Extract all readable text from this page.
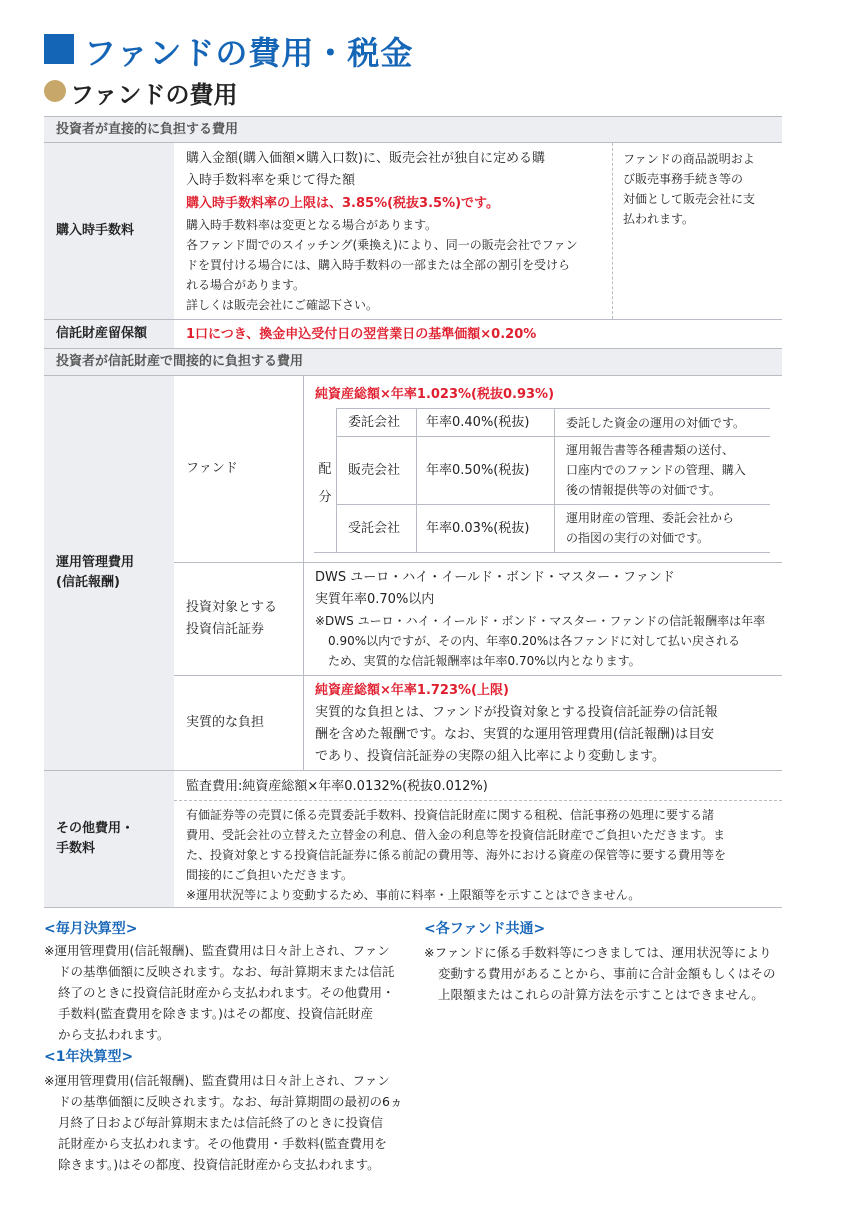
ファンドの費用・税金
ファンドの費用
投資者が直接的に負担する費用
購入時手数料
購入金額(購入価額×購入口数)に、販売会社が独自に定める購
入時手数料率を乗じて得た額
購入時手数料率の上限は、3.85%(税抜3.5%)です。
購入時手数料率は変更となる場合があります。
各ファンド間でのスイッチング(乗換え)により、同一の販売会社でファン
ドを買付ける場合には、購入時手数料の一部または全部の割引を受けら
れる場合があります。
詳しくは販売会社にご確認下さい。
ファンドの商品説明およ
び販売事務手続き等の
対価として販売会社に支
払われます。
信託財産留保額	1口につき、換金申込受付日の翌営業日の基準価額×0.20%
投資者が信託財産で間接的に負担する費用
運用管理費用
(信託報酬)
ファンド
純資産総額×年率1.023%(税抜0.93%)
配
分
委託会社 年率0.40%(税抜)	委託した資金の運用の対価です。
販売会社 年率0.50%(税抜)
運用報告書等各種書類の送付、
口座内でのファンドの管理、購入
後の情報提供等の対価です。
受託会社 年率0.03%(税抜)
運用財産の管理、委託会社から
の指図の実行の対価です。
投資対象とする
投資信託証券
DWS ユーロ・ハイ・イールド・ボンド・マスター・ファンド
実質年率0.70%以内
※DWS ユーロ・ハイ・イールド・ボンド・マスター・ファンドの信託報酬率は年率
0.90%以内ですが、その内、年率0.20%は各ファンドに対して払い戻される
ため、実質的な信託報酬率は年率0.70%以内となります。
実質的な負担
純資産総額×年率1.723%(上限)
実質的な負担とは、ファンドが投資対象とする投資信託証券の信託報
酬を含めた報酬です。なお、実質的な運用管理費用(信託報酬)は目安
であり、投資信託証券の実際の組入比率により変動します。
その他費用・
手数料
監査費用:純資産総額×年率0.0132%(税抜0.012%)
有価証券等の売買に係る売買委託手数料、投資信託財産に関する租税、信託事務の処理に要する諸
費用、受託会社の立替えた立替金の利息、借入金の利息等を投資信託財産でご負担いただきます。ま
た、投資対象とする投資信託証券に係る前記の費用等、海外における資産の保管等に要する費用等を
間接的にご負担いただきます。
※運用状況等により変動するため、事前に料率・上限額等を示すことはできません。
<毎月決算型>
※運用管理費用(信託報酬)、監査費用は日々計上され、ファン
ドの基準価額に反映されます。なお、毎計算期末または信託
終了のときに投資信託財産から支払われます。その他費用・
手数料(監査費用を除きます。)はその都度、投資信託財産
から支払われます。
<1年決算型>
※運用管理費用(信託報酬)、監査費用は日々計上され、ファン
ドの基準価額に反映されます。なお、毎計算期間の最初の6ヵ
月終了日および毎計算期末または信託終了のときに投資信
託財産から支払われます。その他費用・手数料(監査費用を
除きます。)はその都度、投資信託財産から支払われます。
<各ファンド共通>
※ファンドに係る手数料等につきましては、運用状況等により
変動する費用があることから、事前に合計金額もしくはその
上限額またはこれらの計算方法を示すことはできません。
